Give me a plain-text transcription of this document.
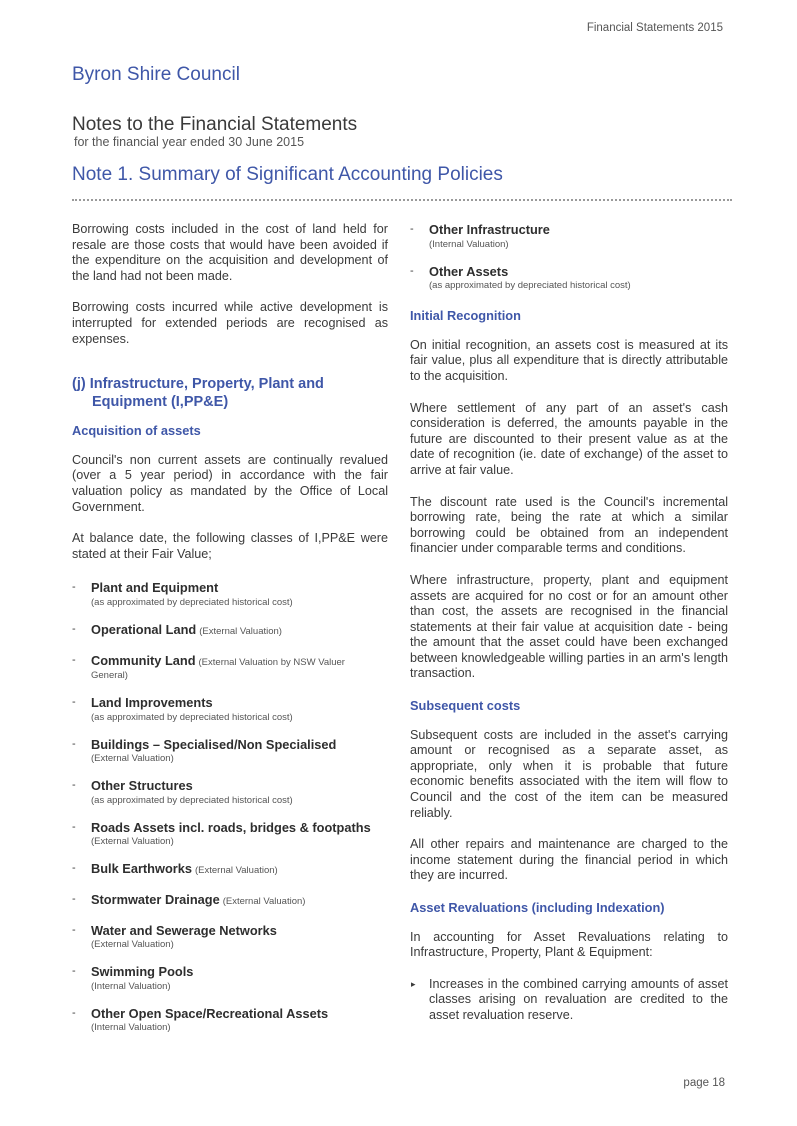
Financial Statements 2015
Byron Shire Council
Notes to the Financial Statements
for the financial year ended 30 June 2015
Note 1. Summary of Significant Accounting Policies

Borrowing costs included in the cost of land held for resale are those costs that would have been avoided if the expenditure on the acquisition and development of the land had not been made.

Borrowing costs incurred while active development is interrupted for extended periods are recognised as expenses.

(j) Infrastructure, Property, Plant and Equipment (I,PP&E)
Acquisition of assets

Council's non current assets are continually revalued (over a 5 year period) in accordance with the fair valuation policy as mandated by the Office of Local Government.

At balance date, the following classes of I,PP&E were stated at their Fair Value;

- Plant and Equipment
(as approximated by depreciated historical cost)
- Operational Land (External Valuation)
- Community Land (External Valuation by NSW Valuer
General)
- Land Improvements
(as approximated by depreciated historical cost)
- Buildings – Specialised/Non Specialised
(External Valuation)
- Other Structures
(as approximated by depreciated historical cost)
- Roads Assets incl. roads, bridges & footpaths
(External Valuation)
- Bulk Earthworks (External Valuation)
- Stormwater Drainage (External Valuation)
- Water and Sewerage Networks
(External Valuation)
- Swimming Pools
(Internal Valuation)
- Other Open Space/Recreational Assets
(Internal Valuation)
- Other Infrastructure
(Internal Valuation)
- Other Assets
(as approximated by depreciated historical cost)
Initial Recognition

On initial recognition, an assets cost is measured at its fair value, plus all expenditure that is directly attributable to the acquisition.

Where settlement of any part of an asset's cash consideration is deferred, the amounts payable in the future are discounted to their present value as at the date of recognition (ie. date of exchange) of the asset to arrive at fair value.

The discount rate used is the Council's incremental borrowing rate, being the rate at which a similar borrowing could be obtained from an independent financier under comparable terms and conditions.

Where infrastructure, property, plant and equipment assets are acquired for no cost or for an amount other than cost, the assets are recognised in the financial statements at their fair value at acquisition date - being the amount that the asset could have been exchanged between knowledgeable willing parties in an arm's length transaction.

Subsequent costs

Subsequent costs are included in the asset's carrying amount or recognised as a separate asset, as appropriate, only when it is probable that future economic benefits associated with the item will flow to Council and the cost of the item can be measured reliably.

All other repairs and maintenance are charged to the income statement during the financial period in which they are incurred.

Asset Revaluations (including Indexation)

In accounting for Asset Revaluations relating to Infrastructure, Property, Plant & Equipment:

▸ Increases in the combined carrying amounts of asset classes arising on revaluation are credited to the asset revaluation reserve.

page 18
